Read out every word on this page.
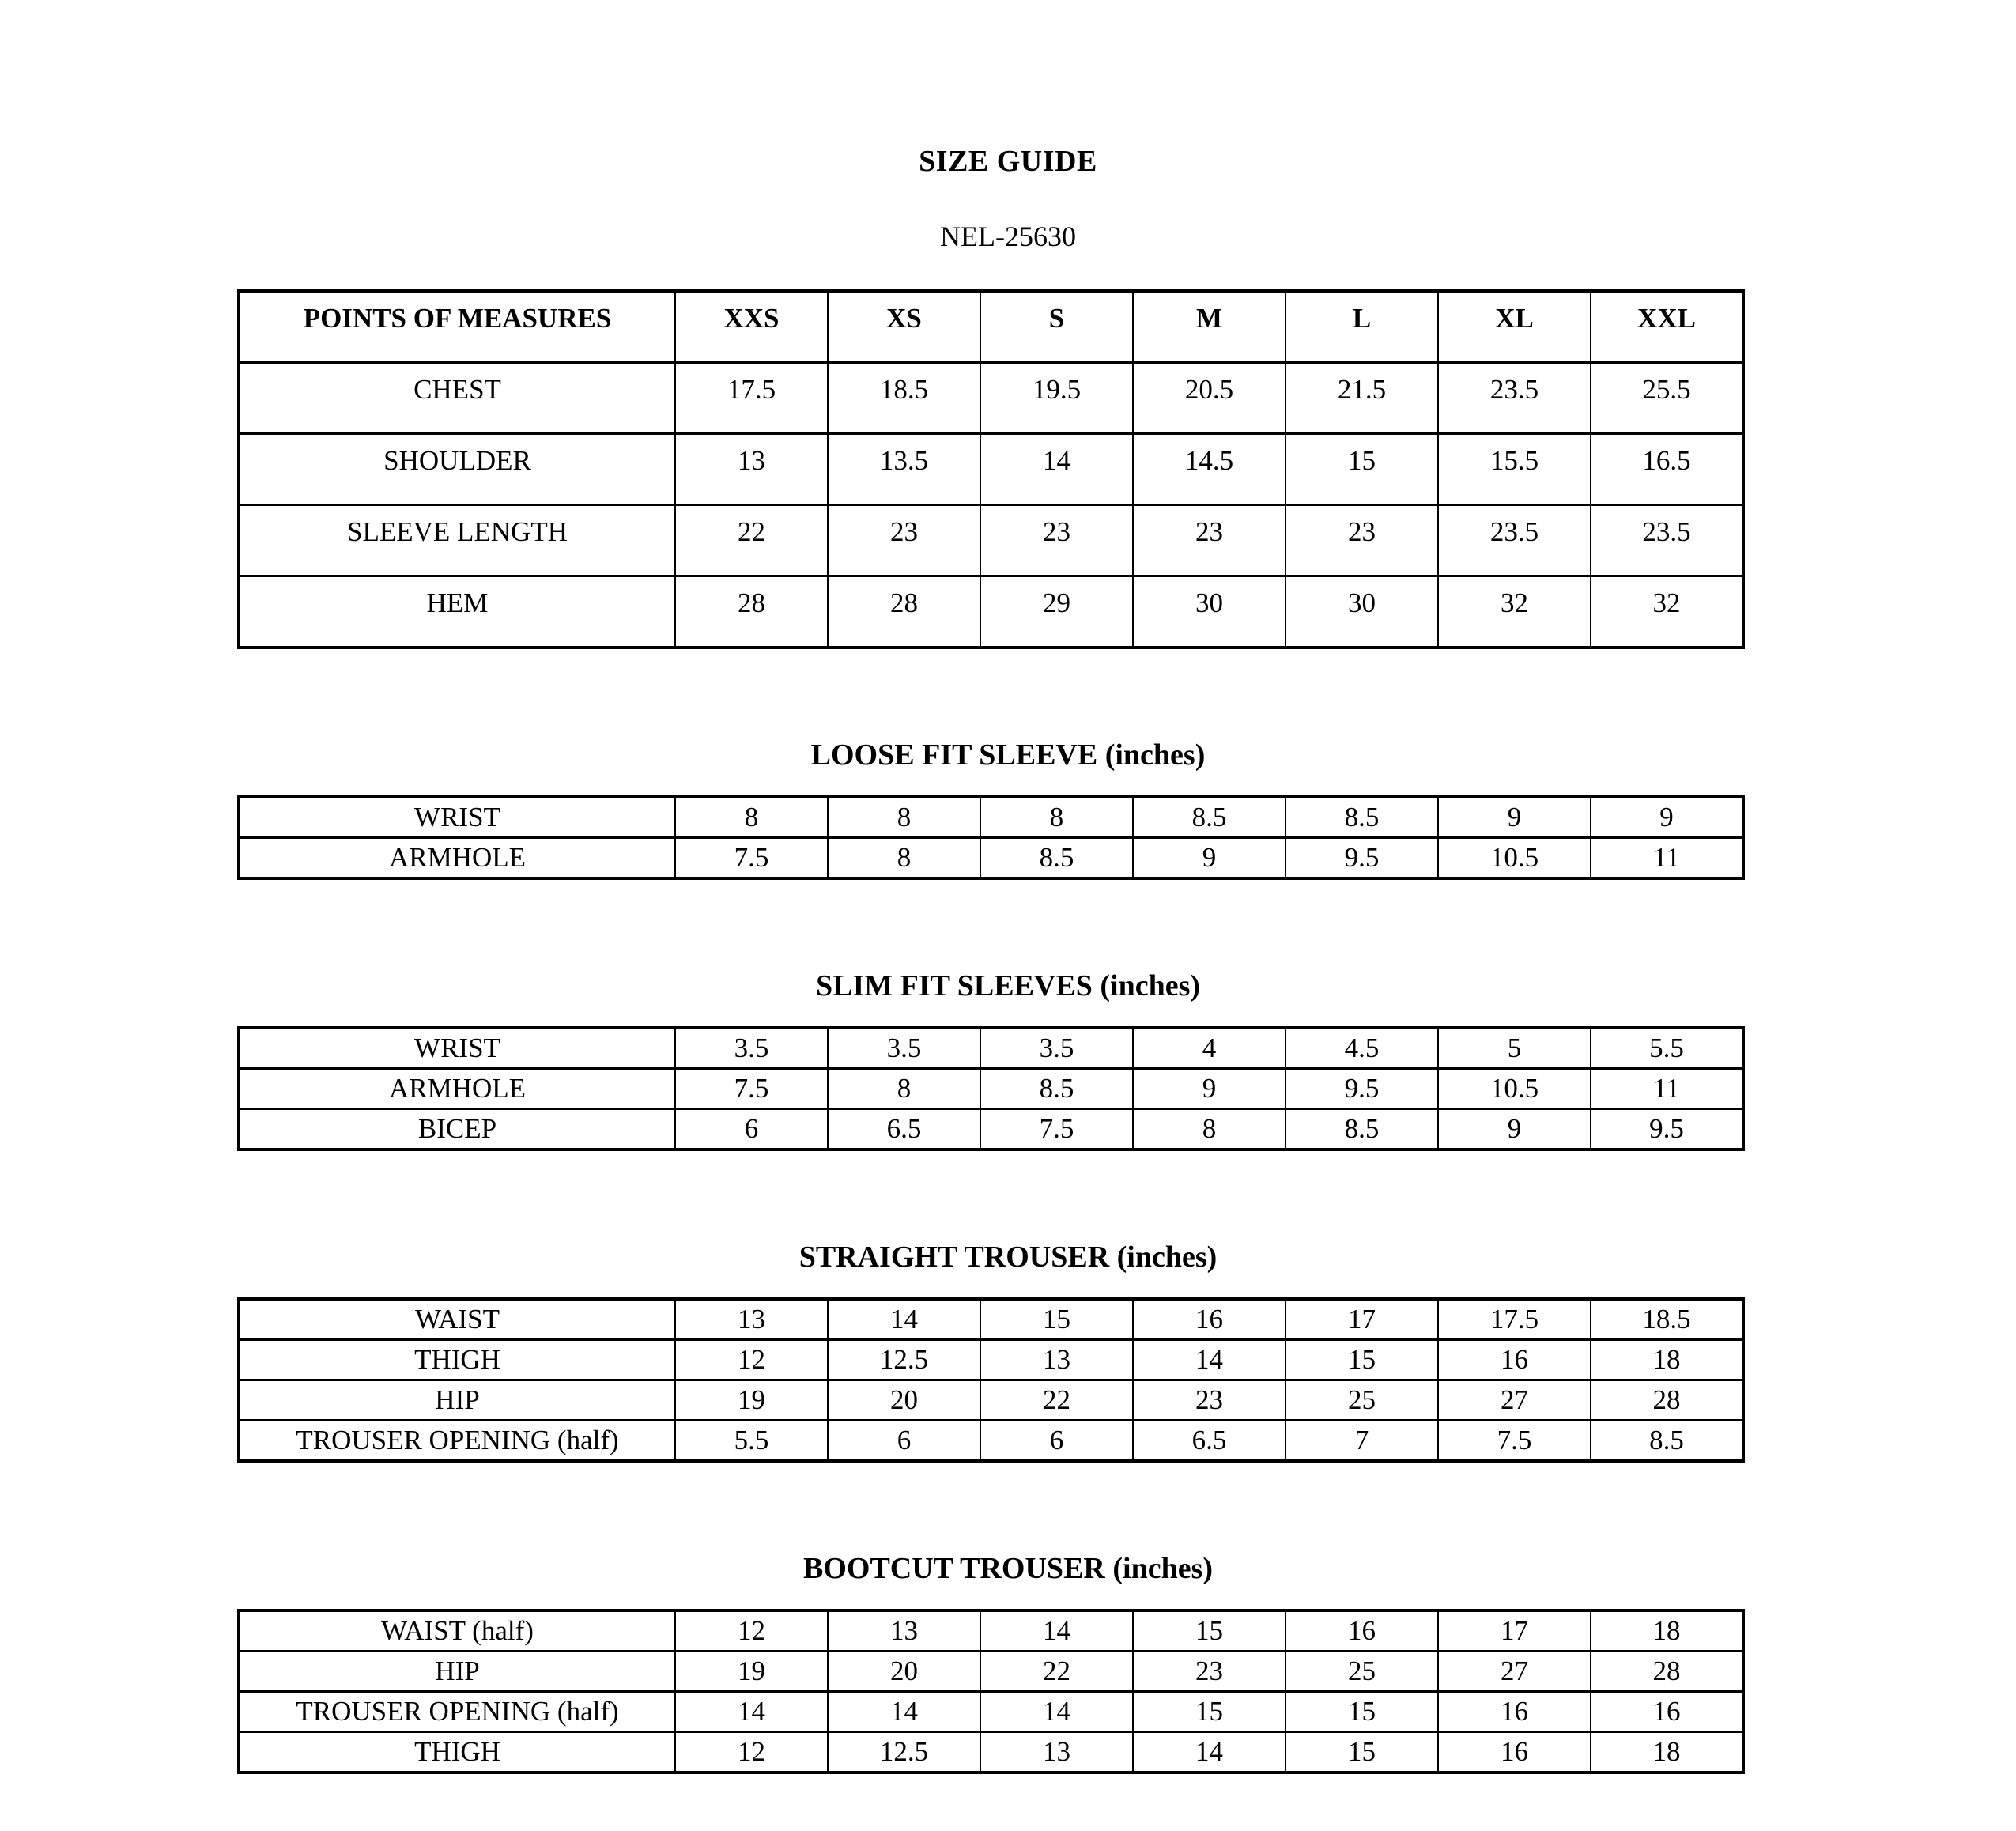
SIZE GUIDE
NEL-25630
POINTS OF MEASURES	XXS	XS	S	M	L	XL	XXL
CHEST	17.5	18.5	19.5	20.5	21.5	23.5	25.5
SHOULDER	13	13.5	14	14.5	15	15.5	16.5
SLEEVE LENGTH	22	23	23	23	23	23.5	23.5
HEM	28	28	29	30	30	32	32
LOOSE FIT SLEEVE (inches)
WRIST	8	8	8	8.5	8.5	9	9
ARMHOLE	7.5	8	8.5	9	9.5	10.5	11
SLIM FIT SLEEVES (inches)
WRIST	3.5	3.5	3.5	4	4.5	5	5.5
ARMHOLE	7.5	8	8.5	9	9.5	10.5	11
BICEP	6	6.5	7.5	8	8.5	9	9.5
STRAIGHT TROUSER (inches)
WAIST	13	14	15	16	17	17.5	18.5
THIGH	12	12.5	13	14	15	16	18
HIP	19	20	22	23	25	27	28
TROUSER OPENING (half)	5.5	6	6	6.5	7	7.5	8.5
BOOTCUT TROUSER (inches)
WAIST (half)	12	13	14	15	16	17	18
HIP	19	20	22	23	25	27	28
TROUSER OPENING (half)	14	14	14	15	15	16	16
THIGH	12	12.5	13	14	15	16	18
